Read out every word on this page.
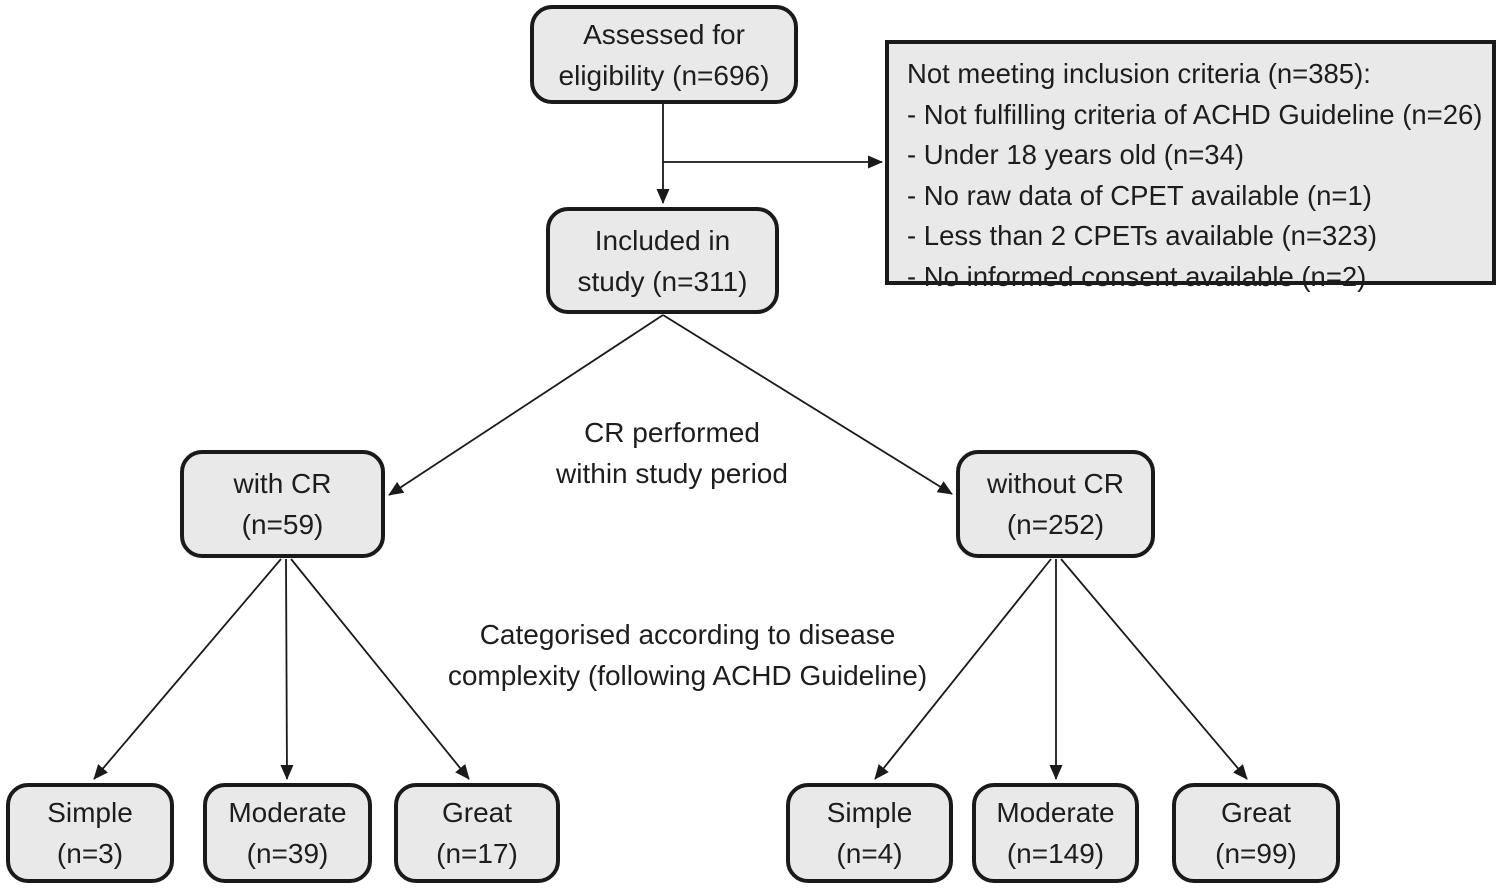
Assessed for
eligibility (n=696)	Not meeting inclusion criteria (n=385):
- Not fulfilling criteria of ACHD Guideline (n=26)
- Under 18 years old (n=34)
- No raw data of CPET available (n=1)
- Less than 2 CPETs available (n=323)
- No informed consent available (n=2)
Included in
study (n=311)
CR performed
within study period
with CR
(n=59)
without CR
(n=252)
Categorised according to disease
complexity (following ACHD Guideline)
Simple
(n=3)
Moderate
(n=39)
Great
(n=17)
Simple
(n=4)
Moderate
(n=149)
Great
(n=99)
